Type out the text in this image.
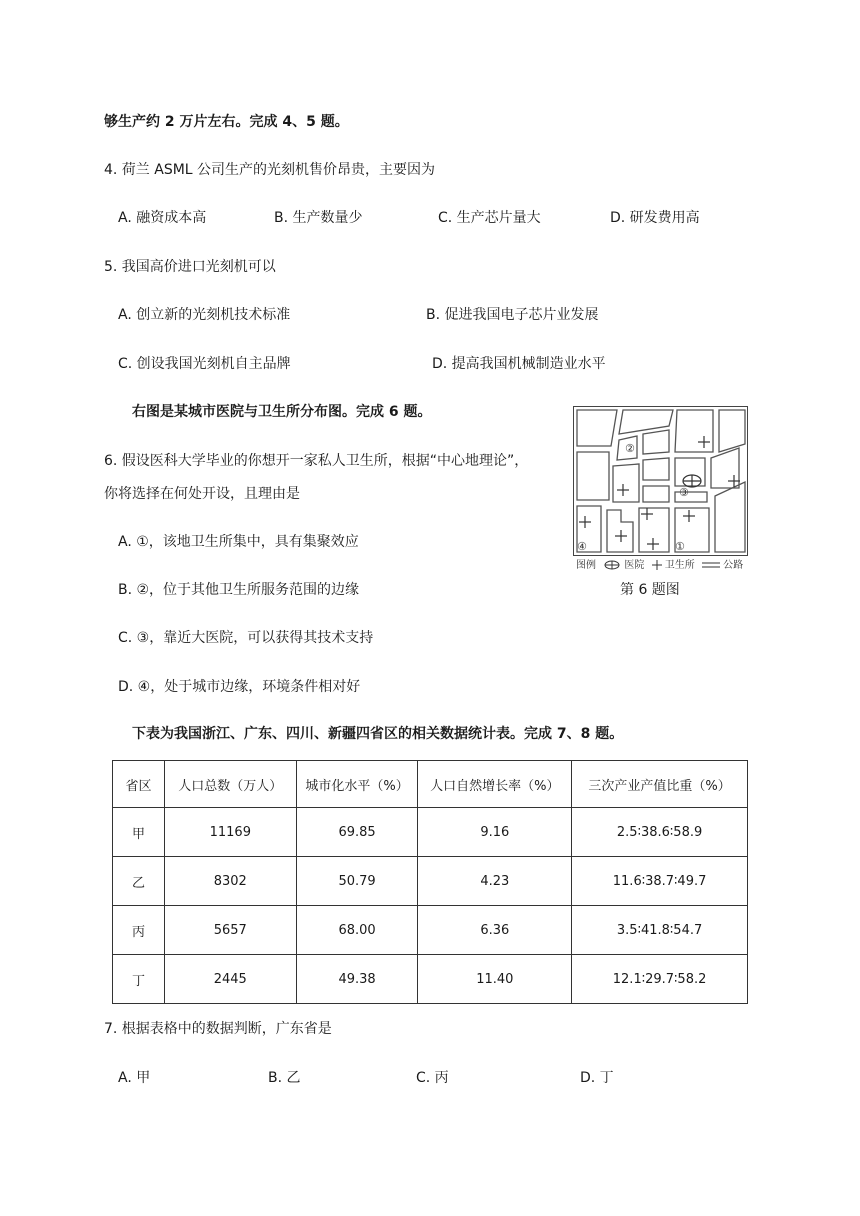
够生产约 2 万片左右。完成 4、5 题。
4. 荷兰 ASML 公司生产的光刻机售价昂贵，主要因为
A. 融资成本高	B. 生产数量少	C. 生产芯片量大	D. 研发费用高
5. 我国高价进口光刻机可以
A. 创立新的光刻机技术标准	B. 促进我国电子芯片业发展
C. 创设我国光刻机自主品牌	D. 提高我国机械制造业水平
右图是某城市医院与卫生所分布图。完成 6 题。
6. 假设医科大学毕业的你想开一家私人卫生所，根据“中心地理论”，
你将选择在何处开设，且理由是
A. ①，该地卫生所集中，具有集聚效应
B. ②，位于其他卫生所服务范围的边缘
C. ③，靠近大医院，可以获得其技术支持
D. ④，处于城市边缘，环境条件相对好
②
③
④	①
图例	医院 卫生所	公路
第 6 题图
下表为我国浙江、广东、四川、新疆四省区的相关数据统计表。完成 7、8 题。
省区	人口总数（万人）	城市化水平（%）	人口自然增长率（%）	三次产业产值比重（%）
甲	11169	69.85	9.16	2.5∶38.6∶58.9
乙	8302	50.79	4.23	11.6∶38.7∶49.7
丙	5657	68.00	6.36	3.5∶41.8∶54.7
丁	2445	49.38	11.40	12.1∶29.7∶58.2
7. 根据表格中的数据判断，广东省是
A. 甲	B. 乙	C. 丙	D. 丁
